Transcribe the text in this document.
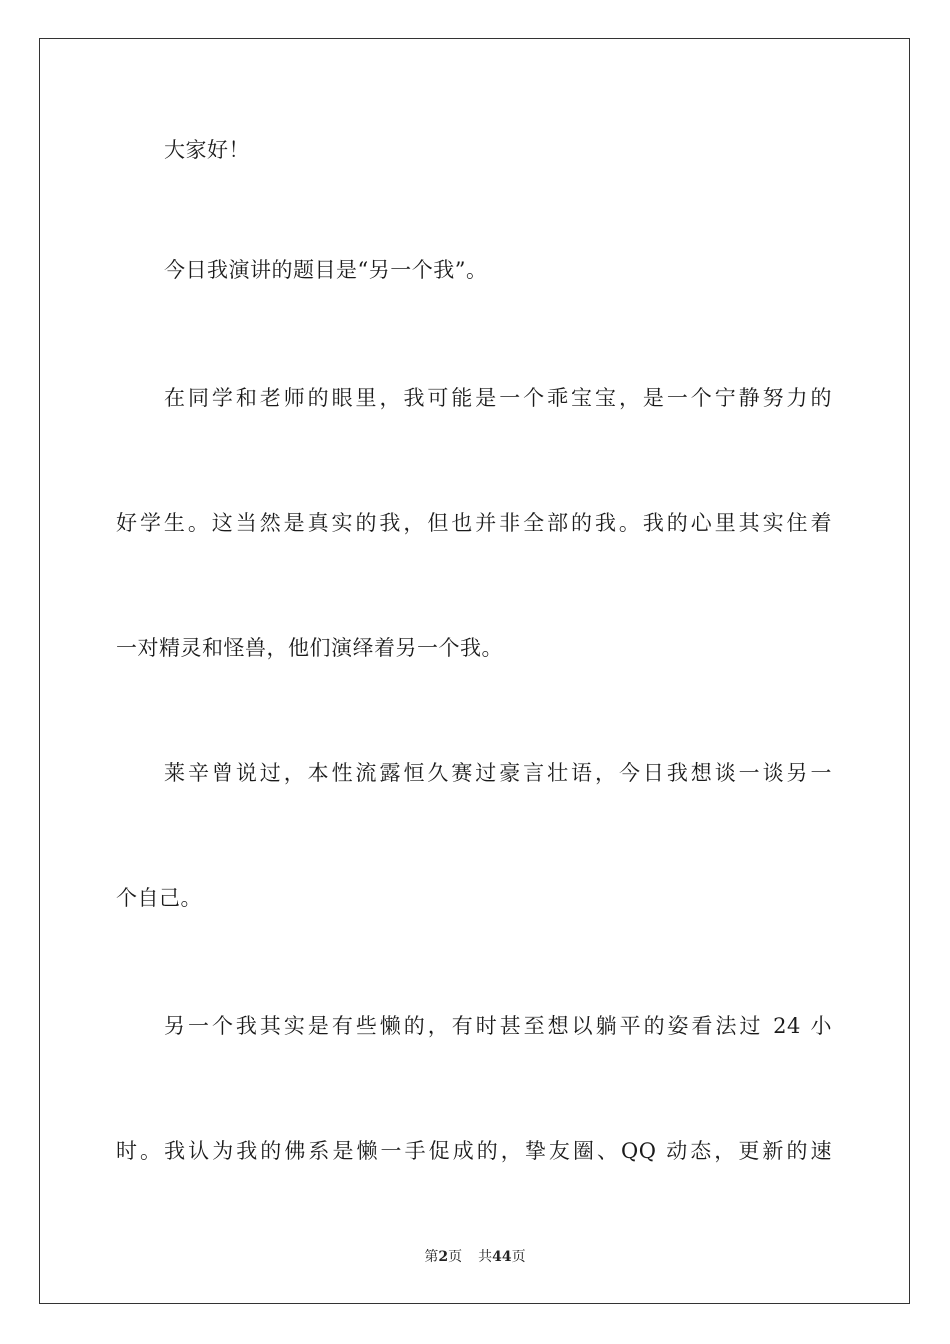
大家好！
今日我演讲的题目是“另一个我”。
在同学和老师的眼里，我可能是一个乖宝宝，是一个宁静努力的
好学生。这当然是真实的我，但也并非全部的我。我的心里其实住着
一对精灵和怪兽，他们演绎着另一个我。
莱辛曾说过，本性流露恒久赛过豪言壮语，今日我想谈一谈另一
个自己。
另一个我其实是有些懒的，有时甚至想以躺平的姿看法过 24 小
时。我认为我的佛系是懒一手促成的，挚友圈、QQ 动态，更新的速
第2页 共44页
